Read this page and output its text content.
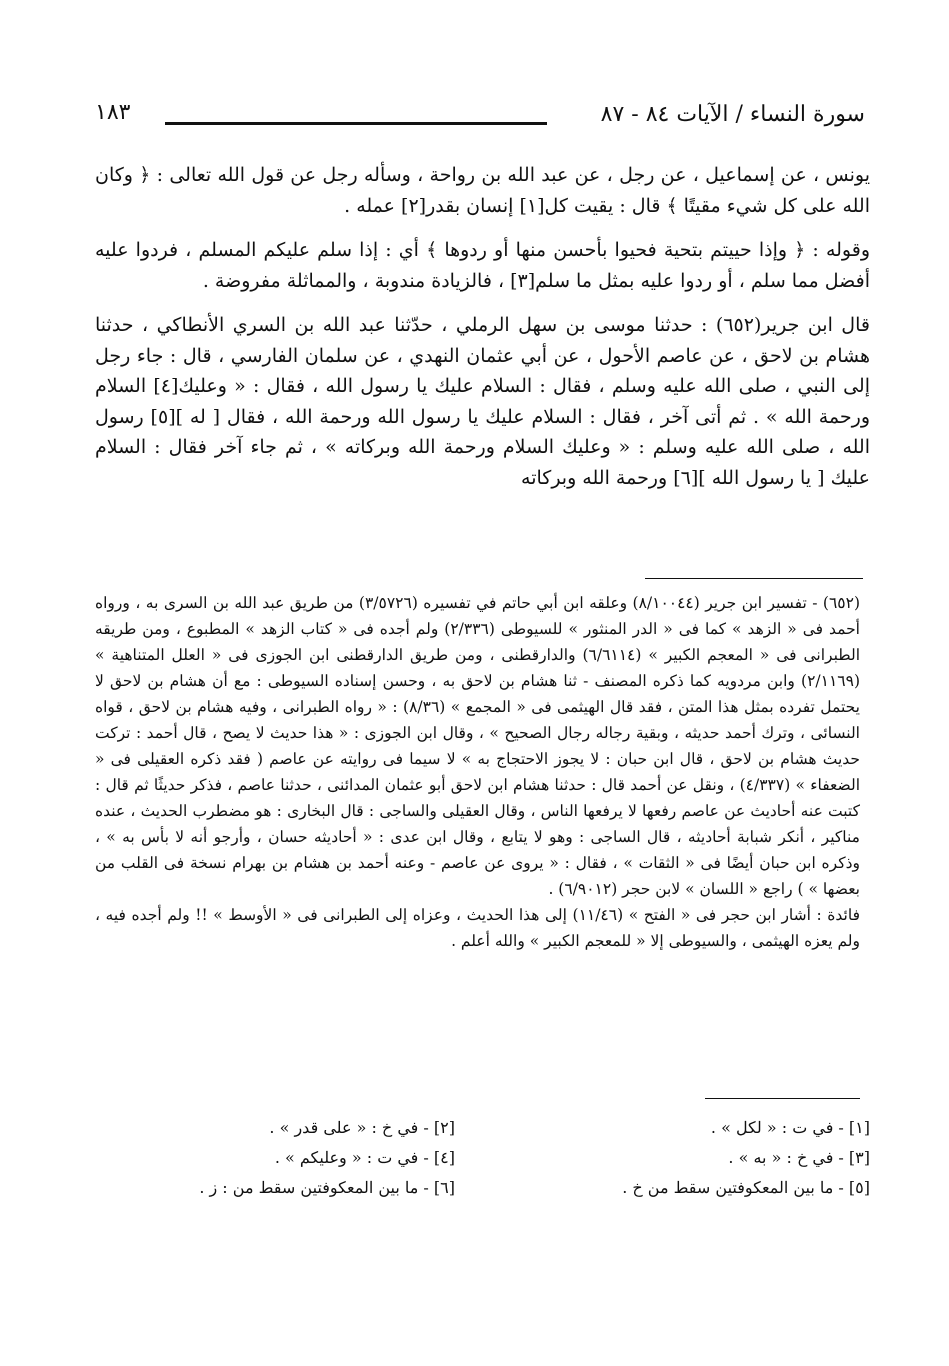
سورة النساء / الآيات ٨٤ - ٨٧
١٨٣

يونس ، عن إسماعيل ، عن رجل ، عن عبد الله بن رواحة ، وسأله رجل عن قول الله تعالى : ﴿ وكان الله على كل شيء مقيتًا ﴾ قال : يقيت كل[١] إنسان بقدر[٢] عمله .

وقوله : ﴿ وإذا حييتم بتحية فحيوا بأحسن منها أو ردوها ﴾ أي : إذا سلم عليكم المسلم ، فردوا عليه أفضل مما سلم ، أو ردوا عليه بمثل ما سلم[٣] ، فالزيادة مندوبة ، والمماثلة مفروضة .

قال ابن جرير(٦٥٢) : حدثنا موسى بن سهل الرملي ، حدّثنا عبد الله بن السري الأنطاكي ، حدثنا هشام بن لاحق ، عن عاصم الأحول ، عن أبي عثمان النهدي ، عن سلمان الفارسي ، قال : جاء رجل إلى النبي ، صلى الله عليه وسلم ، فقال : السلام عليك يا رسول الله ، فقال : « وعليك[٤] السلام ورحمة الله » . ثم أتى آخر ، فقال : السلام عليك يا رسول الله ورحمة الله ، فقال [ له ][٥] رسول الله ، صلى الله عليه وسلم : « وعليك السلام ورحمة الله وبركاته » ، ثم جاء آخر فقال : السلام عليك [ يا رسول الله ][٦] ورحمة الله وبركاته

(٦٥٢) - تفسير ابن جرير (٨/١٠٠٤٤) وعلقه ابن أبي حاتم في تفسيره (٣/٥٧٢٦) من طريق عبد الله بن السرى به ، ورواه أحمد فى « الزهد » كما فى « الدر المنثور » للسيوطى (٢/٣٣٦) ولم أجده فى « كتاب الزهد » المطبوع ، ومن طريقه الطبرانى فى « المعجم الكبير » (٦/٦١١٤) والدارقطنى ، ومن طريق الدارقطنى ابن الجوزى فى « العلل المتناهية » (٢/١١٦٩) وابن مردويه كما ذكره المصنف - ثنا هشام بن لاحق به ، وحسن إسناده السيوطى : مع أن هشام بن لاحق لا يحتمل تفرده بمثل هذا المتن ، فقد قال الهيثمى فى « المجمع » (٨/٣٦) : « رواه الطبرانى ، وفيه هشام بن لاحق ، قواه النسائى ، وترك أحمد حديثه ، وبقية رجاله رجال الصحيح » ، وقال ابن الجوزى : « هذا حديث لا يصح ، قال أحمد : تركت حديث هشام بن لاحق ، قال ابن حبان : لا يجوز الاحتجاج به » لا سيما فى روايته عن عاصم ( فقد ذكره العقيلى فى « الضعفاء » (٤/٣٣٧) ، ونقل عن أحمد قال : حدثنا هشام ابن لاحق أبو عثمان المدائنى ، حدثنا عاصم ، فذكر حديثًا ثم قال : كتبت عنه أحاديث عن عاصم رفعها لا يرفعها الناس ، وقال العقيلى والساجى : قال البخارى : هو مضطرب الحديث ، عنده مناكير ، أنكر شبابة أحاديثه ، قال الساجى : وهو لا يتابع ، وقال ابن عدى : « أحاديثه حسان ، وأرجو أنه لا بأس به » ، وذكره ابن حبان أيضًا فى « الثقات » ، فقال : « يروى عن عاصم - وعنه أحمد بن هشام بن بهرام نسخة فى القلب من بعضها » ) راجع « اللسان » لابن حجر (٦/٩٠١٢) .

فائدة : أشار ابن حجر فى « الفتح » (١١/٤٦) إلى هذا الحديث ، وعزاه إلى الطبرانى فى « الأوسط » !! ولم أجده فيه ، ولم يعزه الهيثمى ، والسيوطى إلا « للمعجم الكبير » والله أعلم .

[١] - في ت : « لكل » .
[٢] - في خ : « على قدر » .
[٣] - في خ : « به » .
[٤] - في ت : « وعليكم » .
[٥] - ما بين المعكوفتين سقط من خ .
[٦] - ما بين المعكوفتين سقط من : ز .
